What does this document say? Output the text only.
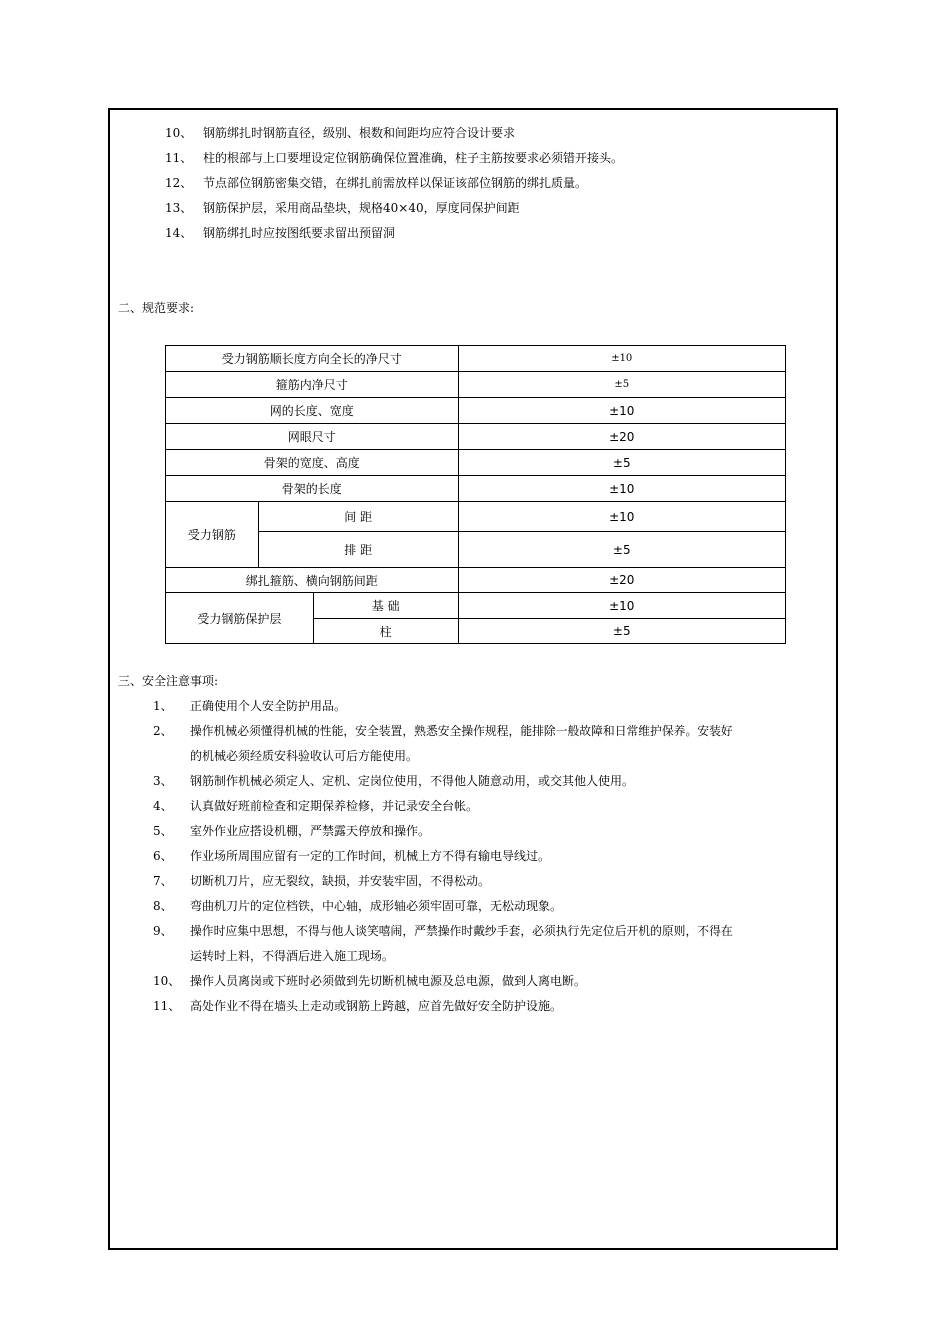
10、 钢筋绑扎时钢筋直径，级别、根数和间距均应符合设计要求
11、 柱的根部与上口要埋设定位钢筋确保位置准确，柱子主筋按要求必须错开接头。
12、 节点部位钢筋密集交错，在绑扎前需放样以保证该部位钢筋的绑扎质量。
13、 钢筋保护层，采用商品垫块，规格40×40，厚度同保护间距
14、 钢筋绑扎时应按图纸要求留出预留洞
二、规范要求:
受力钢筋顺长度方向全长的净尺寸			±10
箍筋内净尺寸			±5
网的长度、宽度			±10
网眼尺寸			±20
骨架的宽度、高度			±5
骨架的长度			±10
受力钢筋	间 距		±10
	排 距		±5
绑扎箍筋、横向钢筋间距			±20
受力钢筋保护层		基 础	±10
		柱	±5
三、安全注意事项:
1、 正确使用个人安全防护用品。
2、 操作机械必须懂得机械的性能，安全装置，熟悉安全操作规程，能排除一般故障和日常维护保养。安装好
的机械必须经质安科验收认可后方能使用。
3、 钢筋制作机械必须定人、定机、定岗位使用，不得他人随意动用，或交其他人使用。
4、 认真做好班前检查和定期保养检修，并记录安全台帐。
5、 室外作业应搭设机棚，严禁露天停放和操作。
6、 作业场所周围应留有一定的工作时间，机械上方不得有输电导线过。
7、 切断机刀片，应无裂纹，缺损，并安装牢固，不得松动。
8、 弯曲机刀片的定位档铁，中心轴，成形轴必须牢固可靠，无松动现象。
9、 操作时应集中思想，不得与他人谈笑嘻闹，严禁操作时戴纱手套，必须执行先定位后开机的原则，不得在
运转时上料，不得酒后进入施工现场。
10、 操作人员离岗或下班时必须做到先切断机械电源及总电源，做到人离电断。
11、 高处作业不得在墙头上走动或钢筋上跨越，应首先做好安全防护设施。
